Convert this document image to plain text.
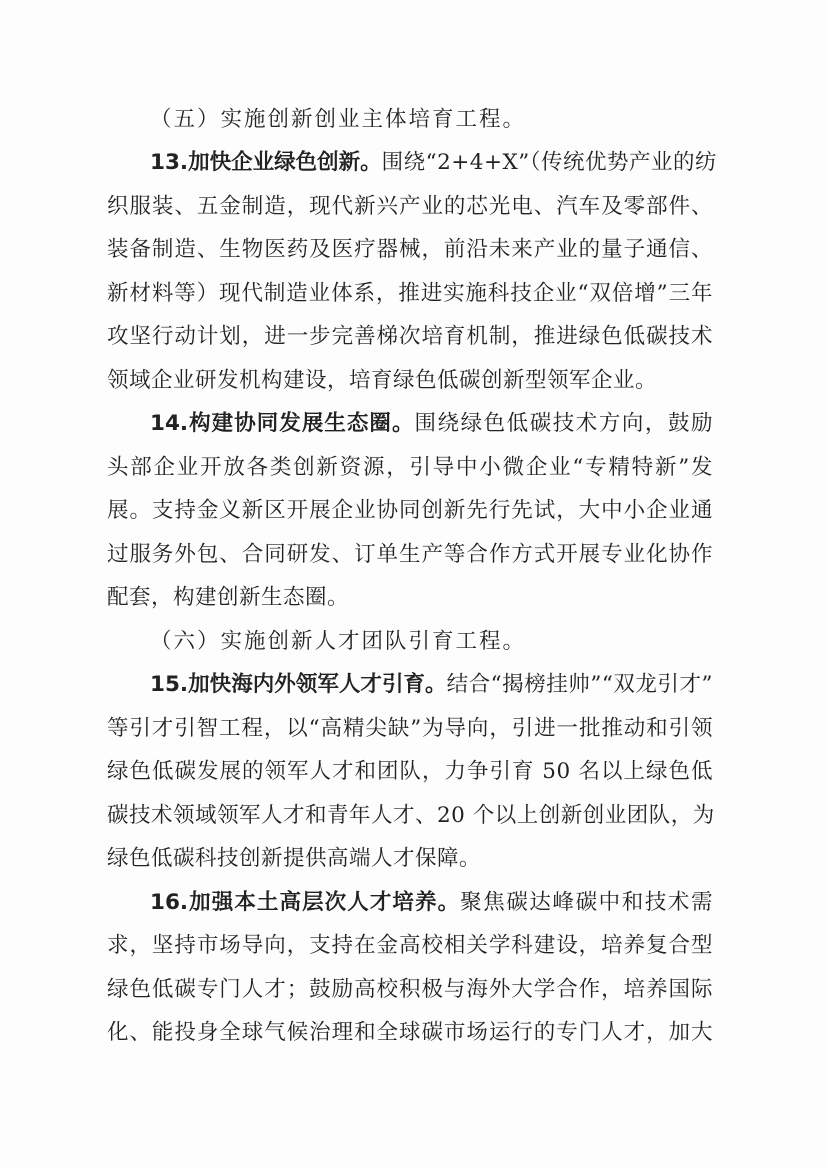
（五）实施创新创业主体培育工程。
13.加快企业绿色创新。围绕“2+4+X”（传统优势产业的纺
织服装、五金制造，现代新兴产业的芯光电、汽车及零部件、
装备制造、生物医药及医疗器械，前沿未来产业的量子通信、
新材料等）现代制造业体系，推进实施科技企业“双倍增”三年
攻坚行动计划，进一步完善梯次培育机制，推进绿色低碳技术
领域企业研发机构建设，培育绿色低碳创新型领军企业。
14.构建协同发展生态圈。围绕绿色低碳技术方向，鼓励
头部企业开放各类创新资源，引导中小微企业“专精特新”发
展。支持金义新区开展企业协同创新先行先试，大中小企业通
过服务外包、合同研发、订单生产等合作方式开展专业化协作
配套，构建创新生态圈。
（六）实施创新人才团队引育工程。
15.加快海内外领军人才引育。结合“揭榜挂帅”“双龙引才”
等引才引智工程，以“高精尖缺”为导向，引进一批推动和引领
绿色低碳发展的领军人才和团队，力争引育 50 名以上绿色低
碳技术领域领军人才和青年人才、20 个以上创新创业团队，为
绿色低碳科技创新提供高端人才保障。
16.加强本土高层次人才培养。聚焦碳达峰碳中和技术需
求，坚持市场导向，支持在金高校相关学科建设，培养复合型
绿色低碳专门人才；鼓励高校积极与海外大学合作，培养国际
化、能投身全球气候治理和全球碳市场运行的专门人才，加大
